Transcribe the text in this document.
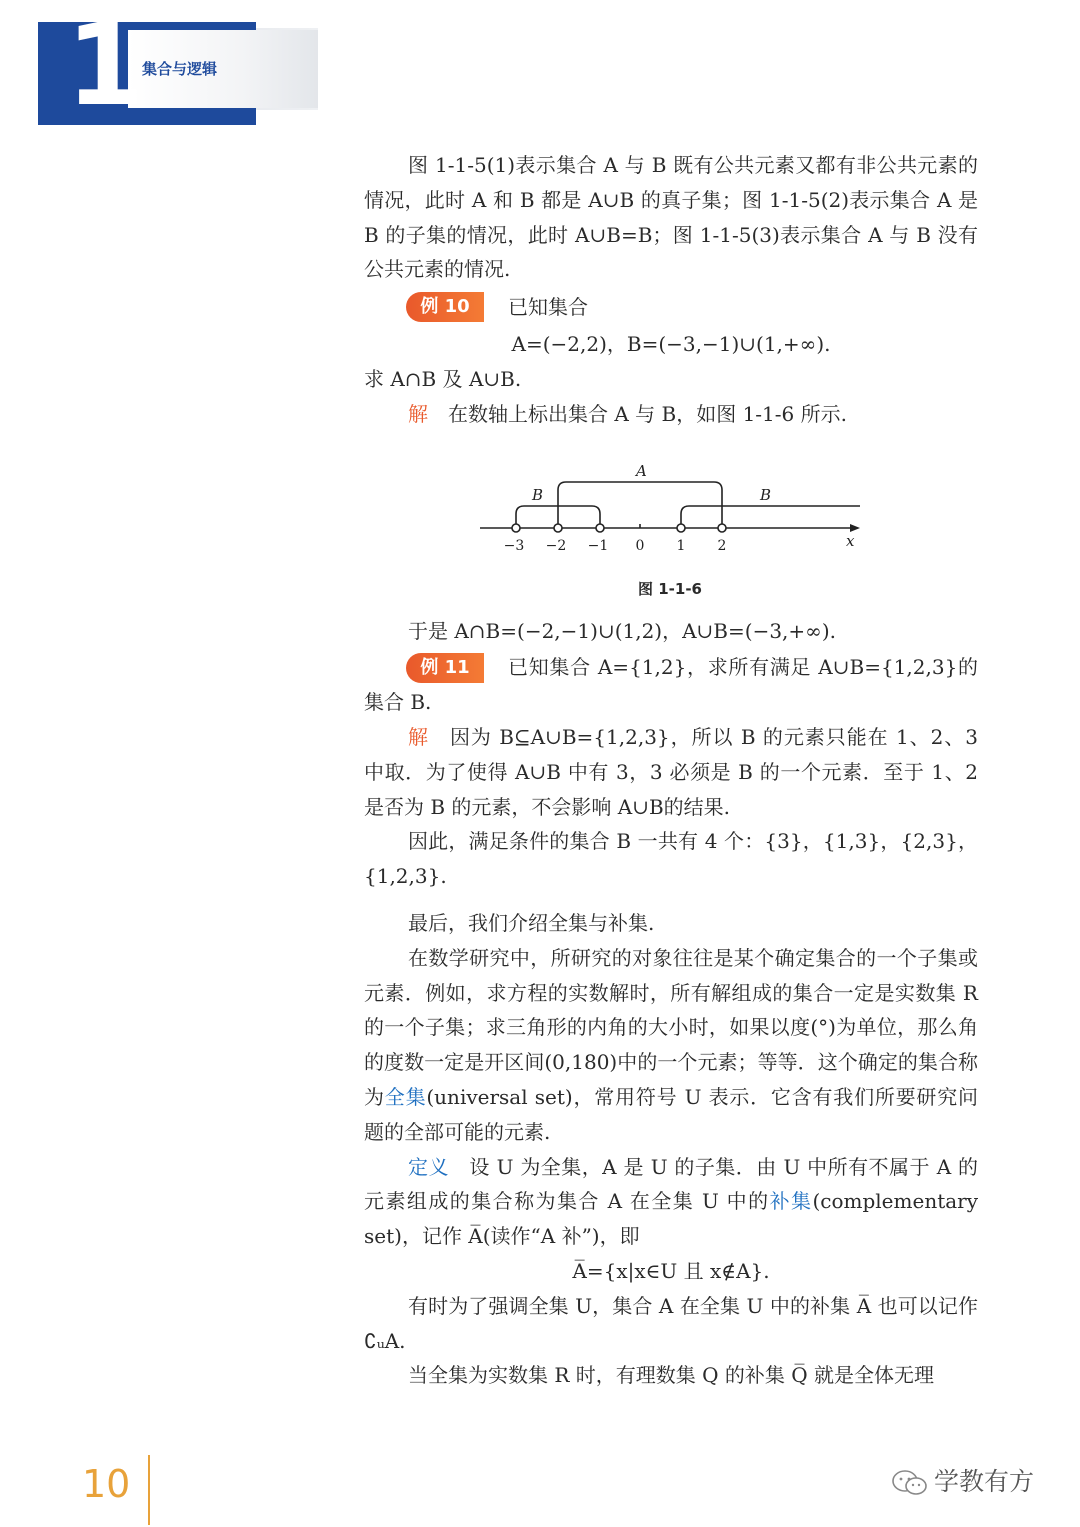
1
集合与逻辑

图 1-1-5(1)表示集合 A 与 B 既有公共元素又都有非公共元素的情况，此时 A 和 B 都是 A∪B 的真子集；图 1-1-5(2)表示集合 A 是 B 的子集的情况，此时 A∪B=B；图 1-1-5(3)表示集合 A 与 B 没有公共元素的情况.

例 10	已知集合

A=(−2,2)，B=(−3,−1)∪(1,+∞).

求 A∩B 及 A∪B.

解　 在数轴上标出集合 A 与 B，如图 1-1-6 所示.

于是 A∩B=(−2,−1)∪(1,2)，A∪B=(−3,+∞).

例 11	已知集合 A={1,2}，求所有满足 A∪B={1,2,3}的集合 B.

解　 因为 B⊆A∪B={1,2,3}，所以 B 的元素只能在 1、2、3 中取．为了使得 A∪B 中有 3，3 必须是 B 的一个元素．至于 1、2 是否为 B 的元素，不会影响 A∪B的结果.

因此，满足条件的集合 B 一共有 4 个：{3}，{1,3}，{2,3}，{1,2,3}.

最后，我们介绍全集与补集.

在数学研究中，所研究的对象往往是某个确定集合的一个子集或元素．例如，求方程的实数解时，所有解组成的集合一定是实数集 R 的一个子集；求三角形的内角的大小时，如果以度(°)为单位，那么角的度数一定是开区间(0,180)中的一个元素；等等．这个确定的集合称为全集(universal set)，常用符号 U 表示．它含有我们所要研究问题的全部可能的元素.

定义　 设 U 为全集，A 是 U 的子集．由 U 中所有不属于 A 的元素组成的集合称为集合 A 在全集 U 中的补集(complementary set)，记作 A̅(读作“A 补”)，即

A̅={x|x∈U 且 x∉A}.

有时为了强调全集 U，集合 A 在全集 U 中的补集 A̅ 也可以记作 ∁ᵤA.

当全集为实数集 R 时，有理数集 Q 的补集 Q̅ 就是全体无理

A
B	B
x
−3 −2 −1 0 1 2
图 1-1-6
10	学教有方
